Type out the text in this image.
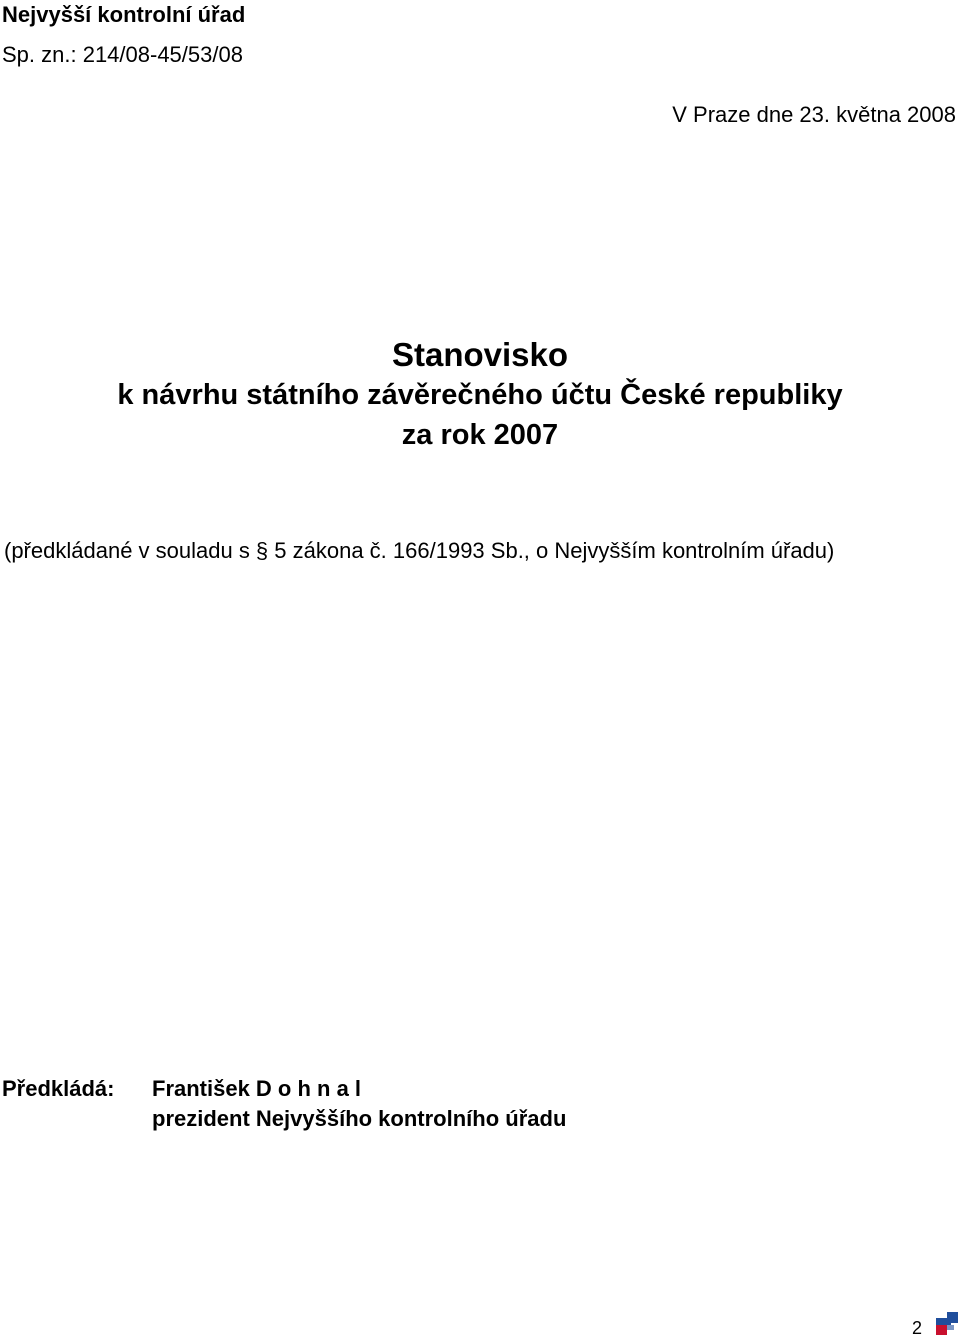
Nejvyšší kontrolní úřad
Sp. zn.: 214/08-45/53/08
V Praze dne 23. května 2008
Stanovisko
k návrhu státního závěrečného účtu České republiky
za rok 2007
(předkládané v souladu s § 5 zákona č. 166/1993 Sb., o Nejvyšším kontrolním úřadu)
Předkládá: František D o h n a l
prezident Nejvyššího kontrolního úřadu
2
